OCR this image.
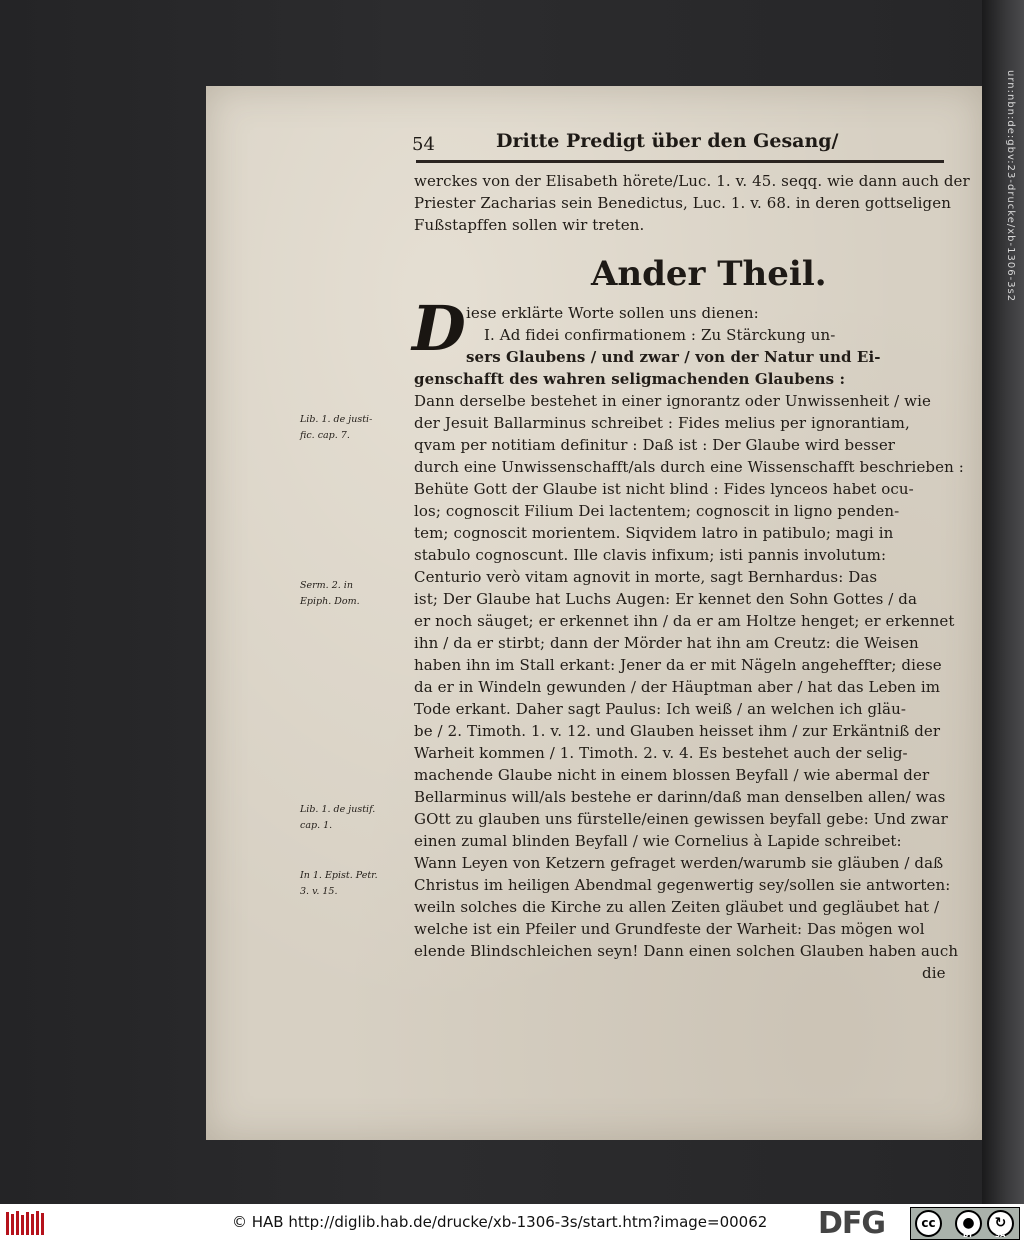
urn:nbn:de:gbv:23-drucke/xb-1306-3s2
54	Dritte Predigt über den Gesang/
werckes von der Elisabeth hörete/Luc. 1. v. 45. seqq. wie dann auch der
Priester Zacharias sein Benedictus, Luc. 1. v. 68. in deren gottseligen
Fußstapffen sollen wir treten.
Ander Theil.
D iese erklärte Worte sollen uns dienen:
I. Ad fidei confirmationem : Zu Stärckung un-
sers Glaubens / und zwar / von der Natur und Ei-
genschafft des wahren seligmachenden Glaubens :
Dann derselbe bestehet in einer ignorantz oder Unwissenheit / wie
der Jesuit Ballarminus schreibet : Fides melius per ignorantiam,
qvam per notitiam definitur : Daß ist : Der Glaube wird besser
durch eine Unwissenschafft/als durch eine Wissenschafft beschrieben :
Behüte Gott der Glaube ist nicht blind : Fides lynceos habet ocu-
los; cognoscit Filium Dei lactentem; cognoscit in ligno penden-
tem; cognoscit morientem. Siqvidem latro in patibulo; magi in
stabulo cognoscunt. Ille clavis infixum; isti pannis involutum:
Centurio verò vitam agnovit in morte, sagt Bernhardus: Das
ist; Der Glaube hat Luchs Augen: Er kennet den Sohn Gottes / da
er noch säuget; er erkennet ihn / da er am Holtze henget; er erkennet
ihn / da er stirbt; dann der Mörder hat ihn am Creutz: die Weisen
haben ihn im Stall erkant: Jener da er mit Nägeln angeheffter; diese
da er in Windeln gewunden / der Häuptman aber / hat das Leben im
Tode erkant. Daher sagt Paulus: Ich weiß / an welchen ich gläu-
be / 2. Timoth. 1. v. 12. und Glauben heisset ihm / zur Erkäntniß der
Warheit kommen / 1. Timoth. 2. v. 4. Es bestehet auch der selig-
machende Glaube nicht in einem blossen Beyfall / wie abermal der
Bellarminus will/als bestehe er darinn/daß man denselben allen/ was
GOtt zu glauben uns fürstelle/einen gewissen beyfall gebe: Und zwar
einen zumal blinden Beyfall / wie Cornelius à Lapide schreibet:
Wann Leyen von Ketzern gefraget werden/warumb sie gläuben / daß
Christus im heiligen Abendmal gegenwertig sey/sollen sie antworten:
weiln solches die Kirche zu allen Zeiten gläubet und gegläubet hat /
welche ist ein Pfeiler und Grundfeste der Warheit: Das mögen wol
elende Blindschleichen seyn! Dann einen solchen Glauben haben auch
die
Lib. 1. de justi-
fic. cap. 7.
Serm. 2. in
Epiph. Dom.
Lib. 1. de justif.
cap. 1.
In 1. Epist. Petr.
3. v. 15.
© HAB http://diglib.hab.de/drucke/xb-1306-3s/start.htm?image=00062 DFG	cc	●	↻
BY	SA
